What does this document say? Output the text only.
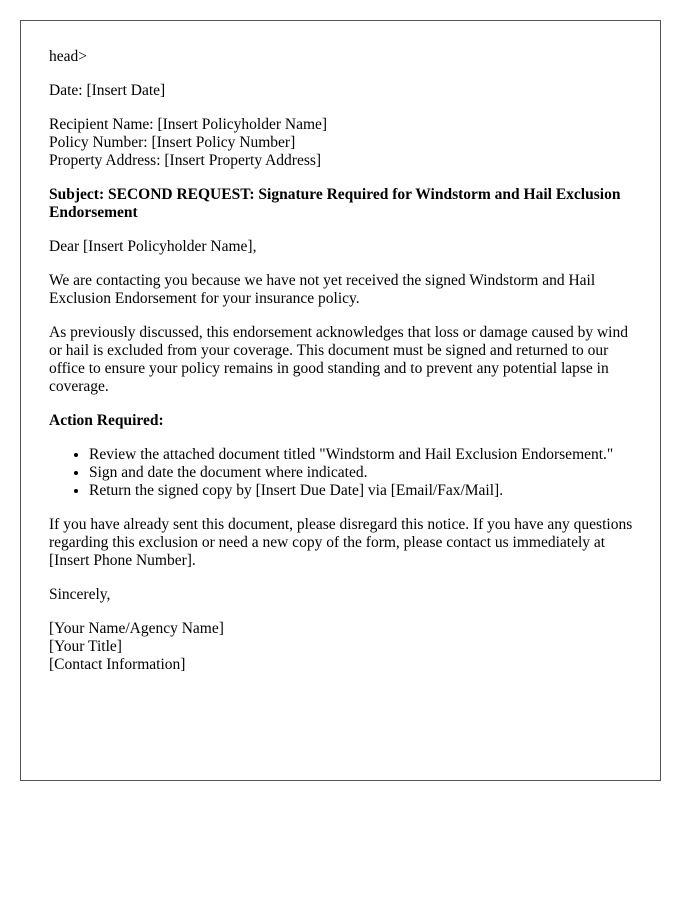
head>

Date: [Insert Date]

Recipient Name: [Insert Policyholder Name]
Policy Number: [Insert Policy Number]
Property Address: [Insert Property Address]

Subject: SECOND REQUEST: Signature Required for Windstorm and Hail Exclusion Endorsement

Dear [Insert Policyholder Name],

We are contacting you because we have not yet received the signed Windstorm and Hail Exclusion Endorsement for your insurance policy.

As previously discussed, this endorsement acknowledges that loss or damage caused by wind or hail is excluded from your coverage. This document must be signed and returned to our office to ensure your policy remains in good standing and to prevent any potential lapse in coverage.

Action Required:

• Review the attached document titled "Windstorm and Hail Exclusion Endorsement."
• Sign and date the document where indicated.
• Return the signed copy by [Insert Due Date] via [Email/Fax/Mail].

If you have already sent this document, please disregard this notice. If you have any questions regarding this exclusion or need a new copy of the form, please contact us immediately at [Insert Phone Number].

Sincerely,

[Your Name/Agency Name]
[Your Title]
[Contact Information]
